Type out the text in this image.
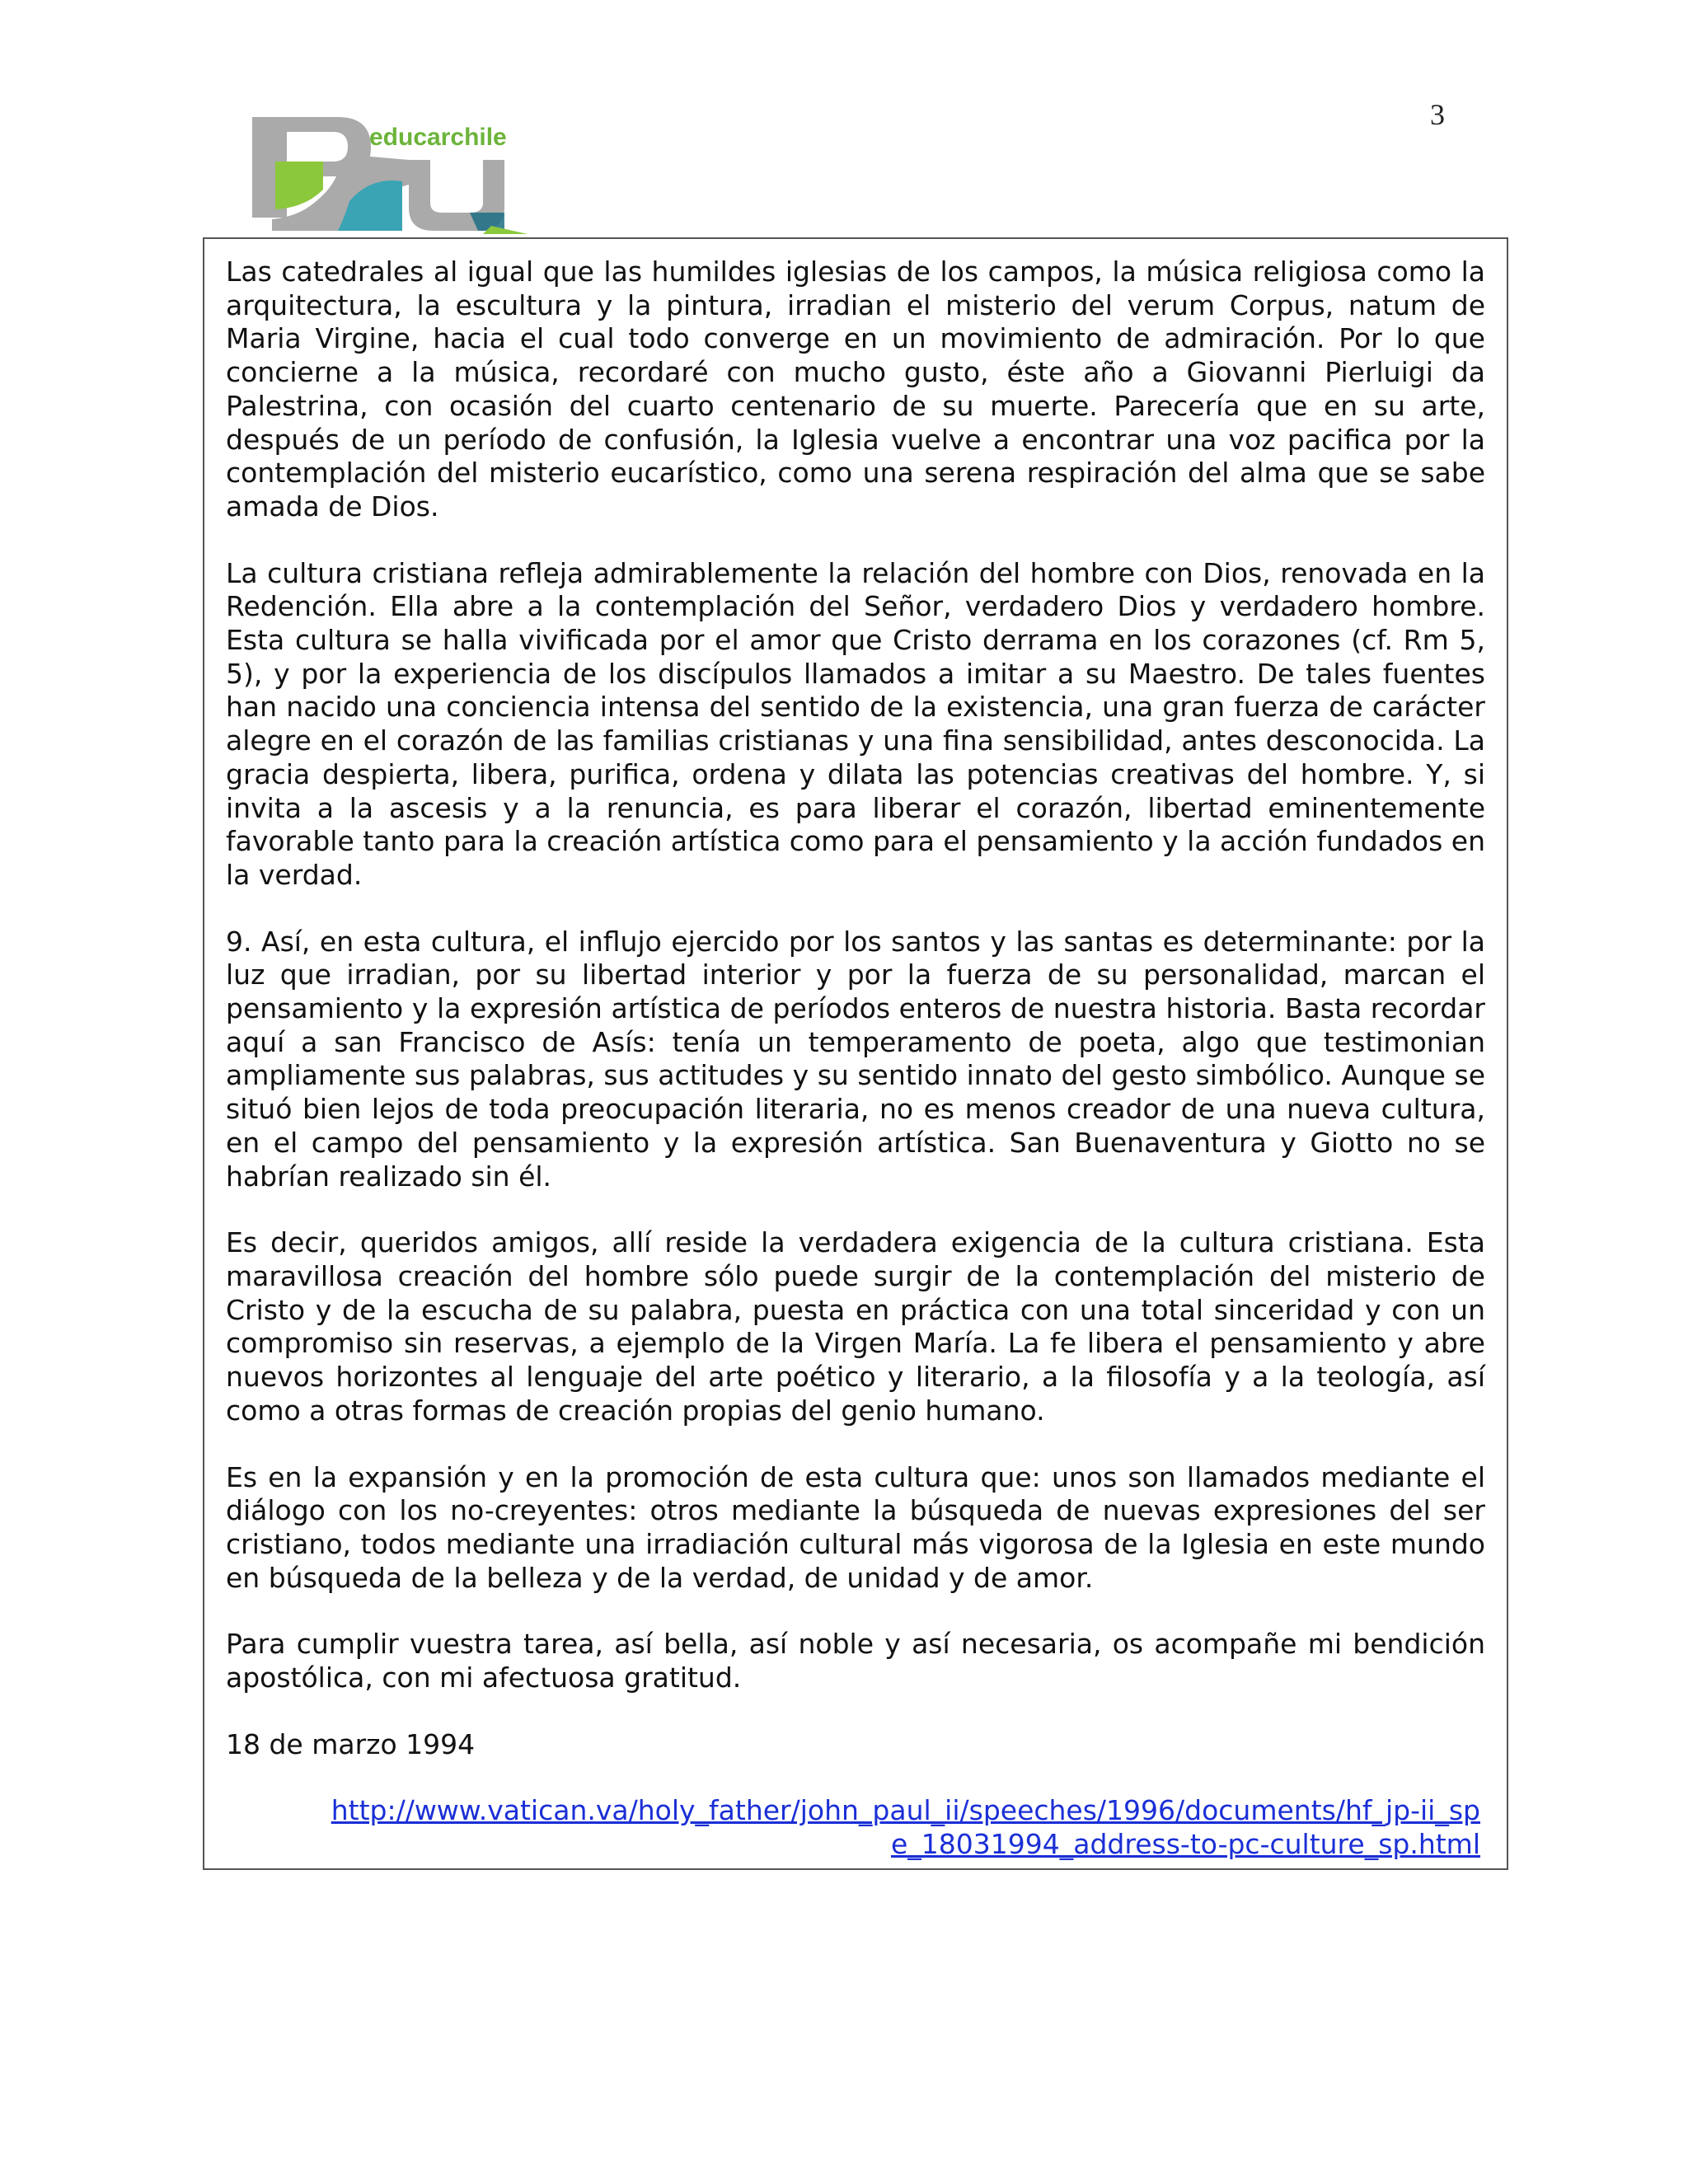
3
educarchile

Las catedrales al igual que las humildes iglesias de los campos, la música religiosa como la arquitectura, la escultura y la pintura, irradian el misterio del verum Corpus, natum de Maria Virgine, hacia el cual todo converge en un movimiento de admiración. Por lo que concierne a la música, recordaré con mucho gusto, éste año a Giovanni Pierluigi da Palestrina, con ocasión del cuarto centenario de su muerte. Parecería que en su arte, después de un período de confusión, la Iglesia vuelve a encontrar una voz pacifica por la contemplación del misterio eucarístico, como una serena respiración del alma que se sabe amada de Dios.

La cultura cristiana refleja admirablemente la relación del hombre con Dios, renovada en la Redención. Ella abre a la contemplación del Señor, verdadero Dios y verdadero hombre. Esta cultura se halla vivificada por el amor que Cristo derrama en los corazones (cf. Rm 5, 5), y por la experiencia de los discípulos llamados a imitar a su Maestro. De tales fuentes han nacido una conciencia intensa del sentido de la existencia, una gran fuerza de carácter alegre en el corazón de las familias cristianas y una fina sensibilidad, antes desconocida. La gracia despierta, libera, purifica, ordena y dilata las potencias creativas del hombre. Y, si invita a la ascesis y a la renuncia, es para liberar el corazón, libertad eminentemente favorable tanto para la creación artística como para el pensamiento y la acción fundados en la verdad.

9. Así, en esta cultura, el influjo ejercido por los santos y las santas es determinante: por la luz que irradian, por su libertad interior y por la fuerza de su personalidad, marcan el pensamiento y la expresión artística de períodos enteros de nuestra historia. Basta recordar aquí a san Francisco de Asís: tenía un temperamento de poeta, algo que testimonian ampliamente sus palabras, sus actitudes y su sentido innato del gesto simbólico. Aunque se situó bien lejos de toda preocupación literaria, no es menos creador de una nueva cultura, en el campo del pensamiento y la expresión artística. San Buenaventura y Giotto no se habrían realizado sin él.

Es decir, queridos amigos, allí reside la verdadera exigencia de la cultura cristiana. Esta maravillosa creación del hombre sólo puede surgir de la contemplación del misterio de Cristo y de la escucha de su palabra, puesta en práctica con una total sinceridad y con un compromiso sin reservas, a ejemplo de la Virgen María. La fe libera el pensamiento y abre nuevos horizontes al lenguaje del arte poético y literario, a la filosofía y a la teología, así como a otras formas de creación propias del genio humano.

Es en la expansión y en la promoción de esta cultura que: unos son llamados mediante el diálogo con los no-creyentes: otros mediante la búsqueda de nuevas expresiones del ser cristiano, todos mediante una irradiación cultural más vigorosa de la Iglesia en este mundo en búsqueda de la belleza y de la verdad, de unidad y de amor.

Para cumplir vuestra tarea, así bella, así noble y así necesaria, os acompañe mi bendición apostólica, con mi afectuosa gratitud.

18 de marzo 1994

http://www.vatican.va/holy_father/john_paul_ii/speeches/1996/documents/hf_jp-ii_spe_18031994_address-to-pc-culture_sp.html
